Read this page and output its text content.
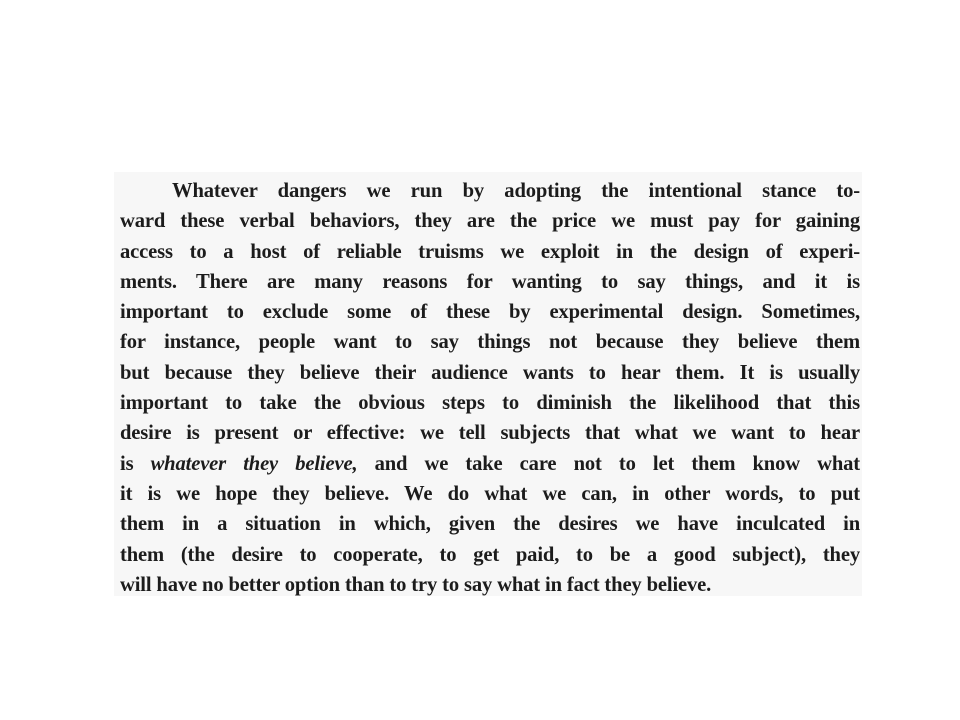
Whatever dangers we run by adopting the intentional stance to-
ward these verbal behaviors, they are the price we must pay for gaining
access to a host of reliable truisms we exploit in the design of experi-
ments. There are many reasons for wanting to say things, and it is
important to exclude some of these by experimental design. Sometimes,
for instance, people want to say things not because they believe them
but because they believe their audience wants to hear them. It is usually
important to take the obvious steps to diminish the likelihood that this
desire is present or effective: we tell subjects that what we want to hear
is whatever they believe, and we take care not to let them know what
it is we hope they believe. We do what we can, in other words, to put
them in a situation in which, given the desires we have inculcated in
them (the desire to cooperate, to get paid, to be a good subject), they
will have no better option than to try to say what in fact they believe.
